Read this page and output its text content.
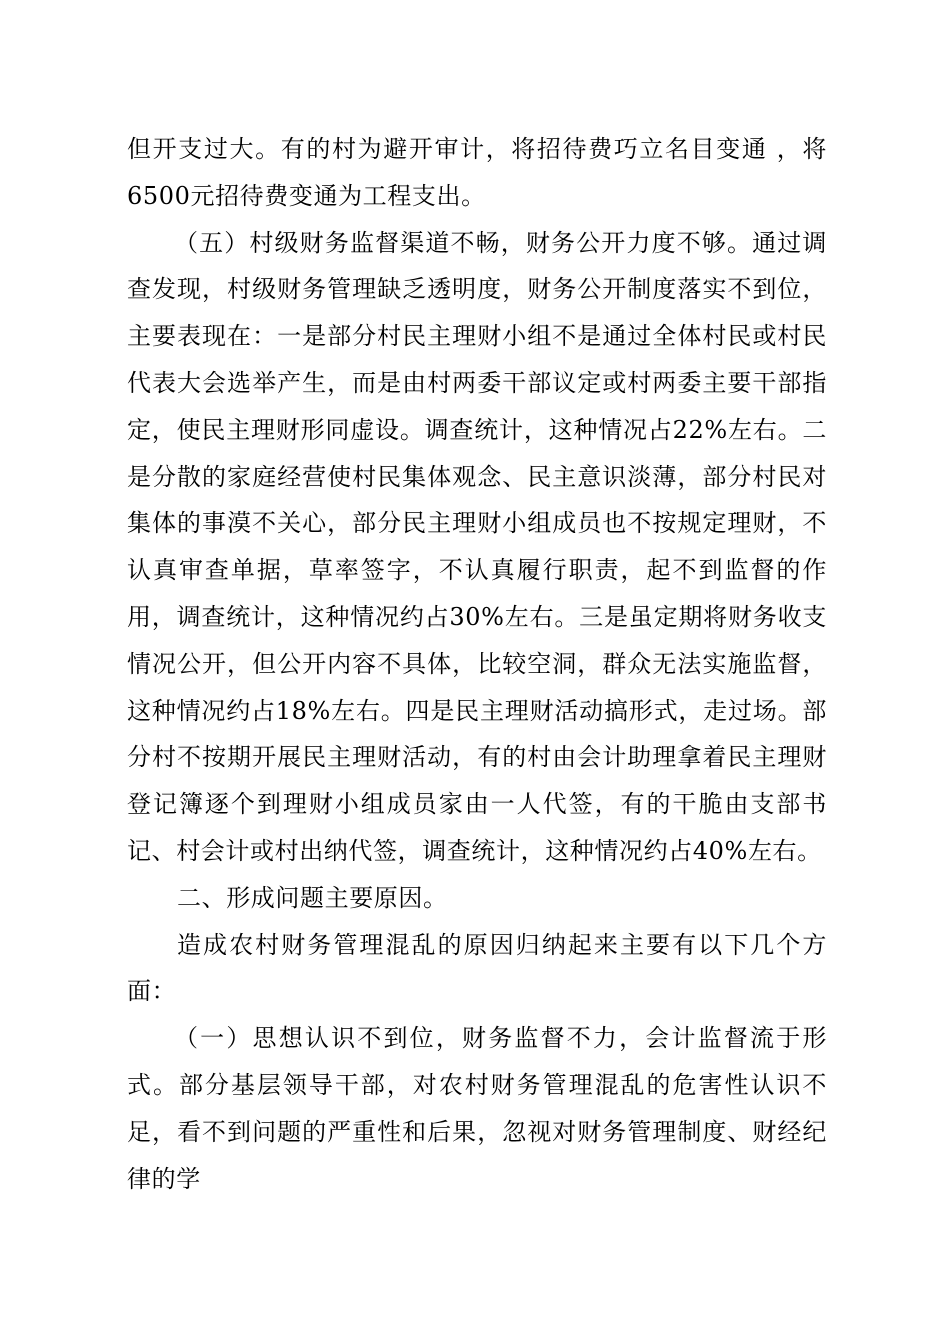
但开支过大。有的村为避开审计，将招待费巧立名目变通 ，将6500元招待费变通为工程支出。

（五）村级财务监督渠道不畅，财务公开力度不够。通过调查发现，村级财务管理缺乏透明度，财务公开制度落实不到位，主要表现在：一是部分村民主理财小组不是通过全体村民或村民代表大会选举产生，而是由村两委干部议定或村两委主要干部指定，使民主理财形同虚设。调查统计，这种情况占22%左右。二是分散的家庭经营使村民集体观念、民主意识淡薄，部分村民对集体的事漠不关心，部分民主理财小组成员也不按规定理财，不认真审查单据，草率签字，不认真履行职责，起不到监督的作用，调查统计，这种情况约占30%左右。三是虽定期将财务收支情况公开，但公开内容不具体，比较空洞，群众无法实施监督，这种情况约占18%左右。四是民主理财活动搞形式，走过场。部分村不按期开展民主理财活动，有的村由会计助理拿着民主理财登记簿逐个到理财小组成员家由一人代签，有的干脆由支部书记、村会计或村出纳代签，调查统计，这种情况约占40%左右。

二、形成问题主要原因。

造成农村财务管理混乱的原因归纳起来主要有以下几个方面：

（一）思想认识不到位，财务监督不力，会计监督流于形式。部分基层领导干部，对农村财务管理混乱的危害性认识不足，看不到问题的严重性和后果，忽视对财务管理制度、财经纪律的学
